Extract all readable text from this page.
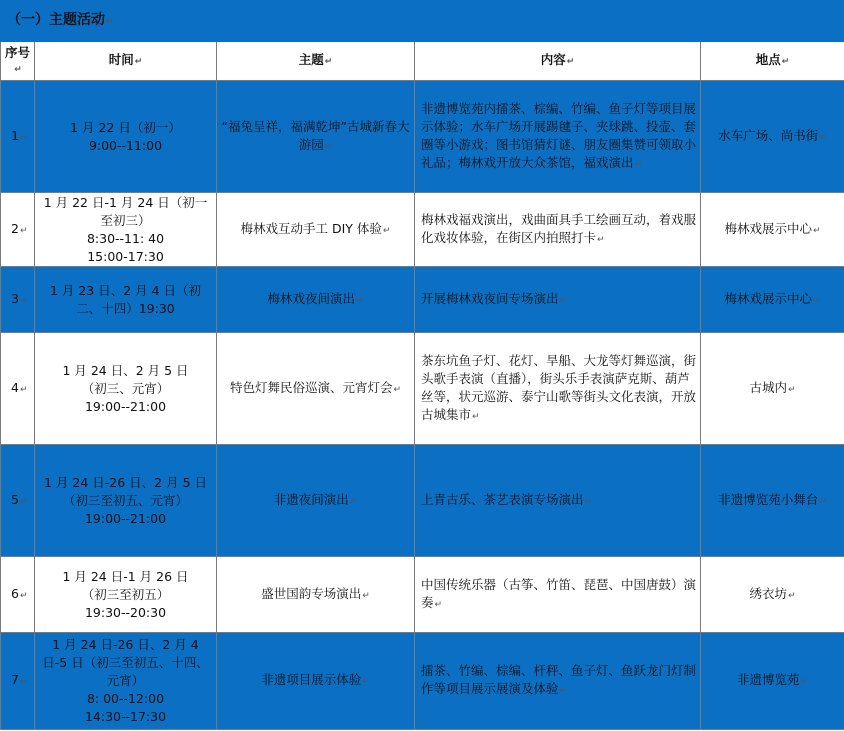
（一）主题活动↵				
序号↵	时间↵	主题↵	内容↵	地点↵
1↵	1 月 22 日（初一）
9:00--11:00	“福兔呈祥，福满乾坤”古城新春大游园↵	非遗博览苑内擂茶、棕编、竹编、鱼子灯等项目展示体验；水车广场开展踢毽子、夹球跳、投壶、套圈等小游戏；图书馆猜灯谜、朋友圈集赞可领取小礼品；梅林戏开放大众茶馆，福戏演出↵	水车广场、尚书街↵
2↵	1 月 22 日-1 月 24 日（初一至初三）
8:30--11: 40
15:00-17:30	梅林戏互动手工 DIY 体验↵	梅林戏福戏演出，戏曲面具手工绘画互动，着戏服化戏妆体验，在街区内拍照打卡↵	梅林戏展示中心↵
3↵	1 月 23 日、2 月 4 日（初二、十四）19:30	梅林戏夜间演出↵	开展梅林戏夜间专场演出↵	梅林戏展示中心↵
4↵	1 月 24 日、2 月 5 日
（初三、元宵）
19:00--21:00	特色灯舞民俗巡演、元宵灯会↵	茶东坑鱼子灯、花灯、旱船、大龙等灯舞巡演，街头歌手表演（直播），街头乐手表演萨克斯、葫芦丝等，状元巡游、泰宁山歌等街头文化表演，开放古城集市↵	古城内↵
5↵	1 月 24 日-26 日、2 月 5 日（初三至初五、元宵）
19:00--21:00	非遗夜间演出↵	上青古乐、茶艺表演专场演出↵	非遗博览苑小舞台↵
6↵	1 月 24 日-1 月 26 日
（初三至初五）
19:30--20:30	盛世国韵专场演出↵	中国传统乐器（古筝、竹笛、琵琶、中国唐鼓）演奏↵	绣衣坊↵
7↵	1 月 24 日-26 日、2 月 4 日-5 日（初三至初五、十四、元宵）
8: 00--12:00
14:30--17:30	非遗项目展示体验↵	擂茶、竹编、棕编、杆秤、鱼子灯、鱼跃龙门灯制作等项目展示展演及体验↵	非遗博览苑↵
